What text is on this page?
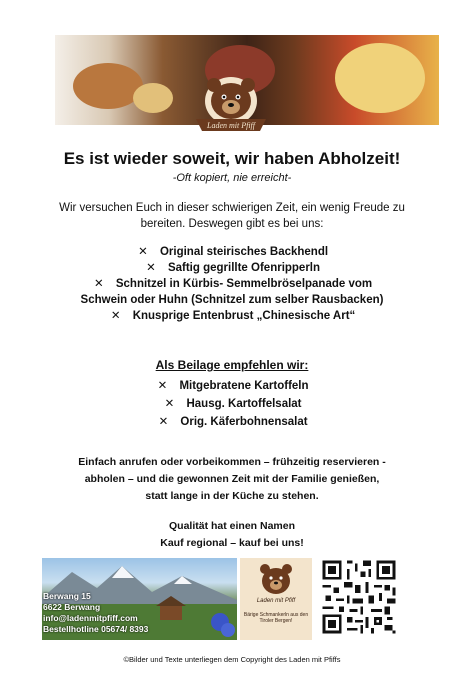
Laden mit Pfiff
Es ist wieder soweit, wir haben Abholzeit!
-Oft kopiert, nie erreicht-
Wir versuchen Euch in dieser schwierigen Zeit, ein wenig Freude zu
bereiten. Deswegen gibt es bei uns:
✕ Original steirisches Backhendl
✕ Saftig gegrillte Ofenripperln
✕ Schnitzel in Kürbis- Semmelbröselpanade vom
Schwein oder Huhn (Schnitzel zum selber Rausbacken)
✕ Knusprige Entenbrust „Chinesische Art“
Als Beilage empfehlen wir:
✕ Mitgebratene Kartoffeln
✕ Hausg. Kartoffelsalat
✕ Orig. Käferbohnensalat
Einfach anrufen oder vorbeikommen – frühzeitig reservieren -
abholen – und die gewonnen Zeit mit der Familie genießen,
statt lange in der Küche zu stehen.
Qualität hat einen Namen
Kauf regional – kauf bei uns!
Berwang 15
6622 Berwang
info@ladenmitpfiff.com
Bestellhotline 05674/ 8393
Laden mit Pfiff
Bärige Schmankerln aus den Tiroler Bergen!
©Bilder und Texte unterliegen dem Copyright des Laden mit Pfiffs
